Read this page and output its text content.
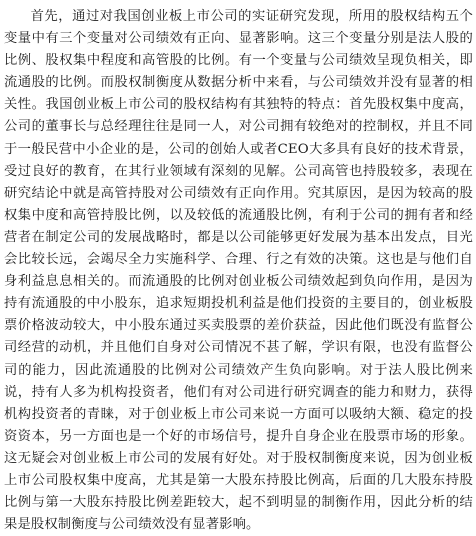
首先，通过对我国创业板上市公司的实证研究发现，所用的股权结构五个变量中有三个变量对公司绩效有正向、显著影响。这三个变量分别是法人股的比例、股权集中程度和高管股的比例。有一个变量与公司绩效呈现负相关，即流通股的比例。而股权制衡度从数据分析中来看，与公司绩效并没有显著的相关性。我国创业板上市公司的股权结构有其独特的特点：首先股权集中度高，公司的董事长与总经理往往是同一人，对公司拥有较绝对的控制权，并且不同于一般民营中小企业的是，公司的创始人或者CEO大多具有良好的技术背景，受过良好的教育，在其行业领域有深刻的见解。公司高管也持股较多，表现在研究结论中就是高管持股对公司绩效有正向作用。究其原因，是因为较高的股权集中度和高管持股比例，以及较低的流通股比例，有利于公司的拥有者和经营者在制定公司的发展战略时，都是以公司能够更好发展为基本出发点，目光会比较长远，会竭尽全力实施科学、合理、行之有效的决策。这也是与他们自身利益息息相关的。而流通股的比例对创业板公司绩效起到负向作用，是因为持有流通股的中小股东，追求短期投机利益是他们投资的主要目的，创业板股票价格波动较大，中小股东通过买卖股票的差价获益，因此他们既没有监督公司经营的动机，并且他们自身对公司情况不甚了解，学识有限，也没有监督公司的能力，因此流通股的比例对公司绩效产生负向影响。对于法人股比例来说，持有人多为机构投资者，他们有对公司进行研究调查的能力和财力，获得机构投资者的青睐，对于创业板上市公司来说一方面可以吸纳大额、稳定的投资资本，另一方面也是一个好的市场信号，提升自身企业在股票市场的形象。这无疑会对创业板上市公司的发展有好处。对于股权制衡度来说，因为创业板上市公司股权集中度高，尤其是第一大股东持股比例高，后面的几大股东持股比例与第一大股东持股比例差距较大，起不到明显的制衡作用，因此分析的结果是股权制衡度与公司绩效没有显著影响。
